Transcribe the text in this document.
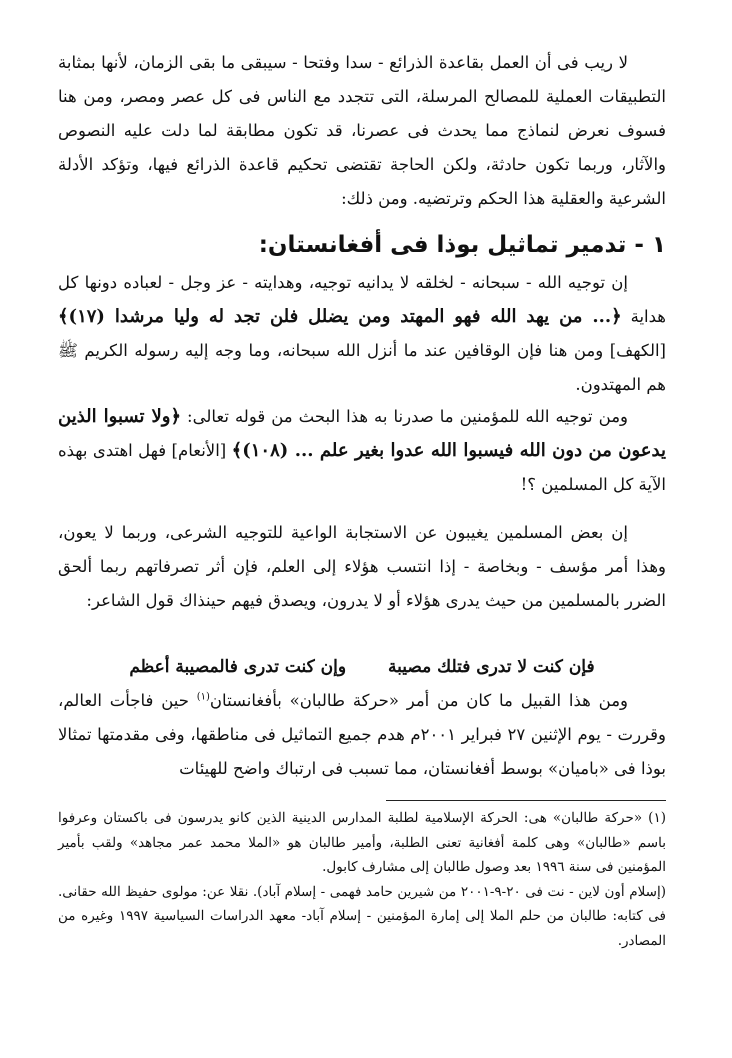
لا ريب فى أن العمل بقاعدة الذرائع - سدا وفتحا - سيبقى ما بقى الزمان، لأنها بمثابة التطبيقات العملية للمصالح المرسلة، التى تتجدد مع الناس فى كل عصر ومصر، ومن هنا فسوف نعرض لنماذج مما يحدث فى عصرنا، قد تكون مطابقة لما دلت عليه النصوص والآثار، وربما تكون حادثة، ولكن الحاجة تقتضى تحكيم قاعدة الذرائع فيها، وتؤكد الأدلة الشرعية والعقلية هذا الحكم وترتضيه. ومن ذلك:

١ - تدمير تماثيل بوذا فى أفغانستان:

إن توجيه الله - سبحانه - لخلقه لا يدانيه توجيه، وهدايته - عز وجل - لعباده دونها كل هداية ﴿... من يهد الله فهو المهتد ومن يضلل فلن تجد له وليا مرشدا (١٧)﴾ [الكهف] ومن هنا فإن الوقافين عند ما أنزل الله سبحانه، وما وجه إليه رسوله الكريم ﷺ هم المهتدون.

ومن توجيه الله للمؤمنين ما صدرنا به هذا البحث من قوله تعالى: ﴿ولا تسبوا الذين يدعون من دون الله فيسبوا الله عدوا بغير علم ... (١٠٨)﴾ [الأنعام] فهل اهتدى بهذه الآية كل المسلمين ؟!

إن بعض المسلمين يغيبون عن الاستجابة الواعية للتوجيه الشرعى، وربما لا يعون، وهذا أمر مؤسف - وبخاصة - إذا انتسب هؤلاء إلى العلم، فإن أثر تصرفاتهم ربما ألحق الضرر بالمسلمين من حيث يدرى هؤلاء أو لا يدرون، ويصدق فيهم حينذاك قول الشاعر:

فإن كنت لا تدرى فتلك مصيبة وإن كنت تدرى فالمصيبة أعظم

ومن هذا القبيل ما كان من أمر «حركة طالبان» بأفغانستان$^{(١)}$ حين فاجأت العالم، وقررت - يوم الإثنين ٢٧ فبراير ٢٠٠١م هدم جميع التماثيل فى مناطقها، وفى مقدمتها تمثالا بوذا فى «باميان» بوسط أفغانستان، مما تسبب فى ارتباك واضح للهيئات

(١) «حركة طالبان» هى: الحركة الإسلامية لطلبة المدارس الدينية الذين كانو يدرسون فى باكستان وعرفوا باسم «طالبان» وهى كلمة أفغانية تعنى الطلبة، وأمير طالبان هو «الملا محمد عمر مجاهد» ولقب بأمير المؤمنين فى سنة ١٩٩٦ بعد وصول طالبان إلى مشارف كابول.

(إسلام أون لاين - نت فى ٢٠-٩-٢٠٠١ من شيرين حامد فهمى - إسلام آباد). نقلا عن: مولوى حفيظ الله حقانى. فى كتابه: طالبان من حلم الملا إلى إمارة المؤمنين - إسلام آباد- معهد الدراسات السياسية ١٩٩٧ وغيره من المصادر.
